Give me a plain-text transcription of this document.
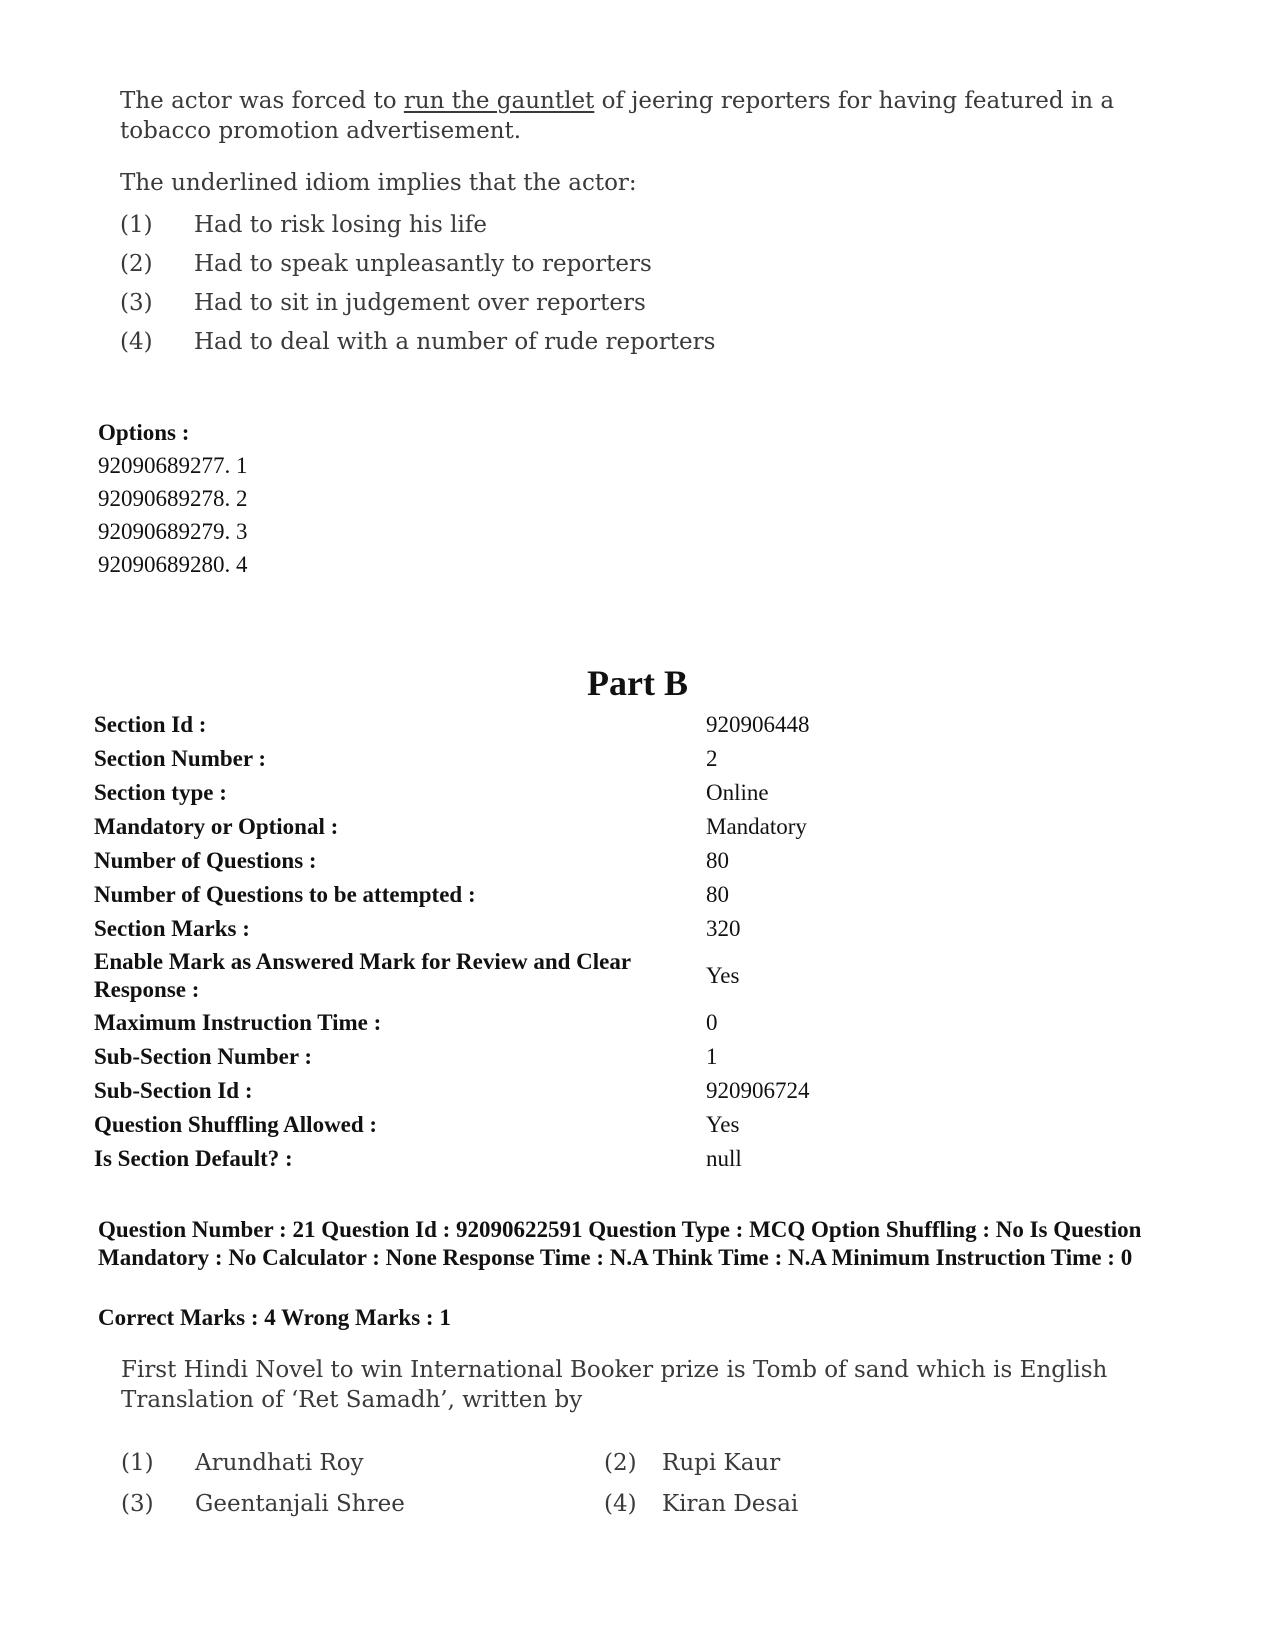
The actor was forced to run the gauntlet of jeering reporters for having featured in a tobacco promotion advertisement.
The underlined idiom implies that the actor:
(1) Had to risk losing his life
(2) Had to speak unpleasantly to reporters
(3) Had to sit in judgement over reporters
(4) Had to deal with a number of rude reporters
Options :
92090689277. 1
92090689278. 2
92090689279. 3
92090689280. 4
Part B
Section Id :	920906448
Section Number :	2
Section type :	Online
Mandatory or Optional :	Mandatory
Number of Questions :	80
Number of Questions to be attempted :	80
Section Marks :	320
Enable Mark as Answered Mark for Review and Clear Response :
Yes
Maximum Instruction Time :	0
Sub-Section Number :	1
Sub-Section Id :	920906724
Question Shuffling Allowed :	Yes
Is Section Default? :	null
Question Number : 21 Question Id : 92090622591 Question Type : MCQ Option Shuffling : No Is Question Mandatory : No Calculator : None Response Time : N.A Think Time : N.A Minimum Instruction Time : 0
Correct Marks : 4 Wrong Marks : 1
First Hindi Novel to win International Booker prize is Tomb of sand which is English Translation of ‘Ret Samadh’, written by
(1) Arundhati Roy	(2) Rupi Kaur
(3) Geentanjali Shree	(4) Kiran Desai
